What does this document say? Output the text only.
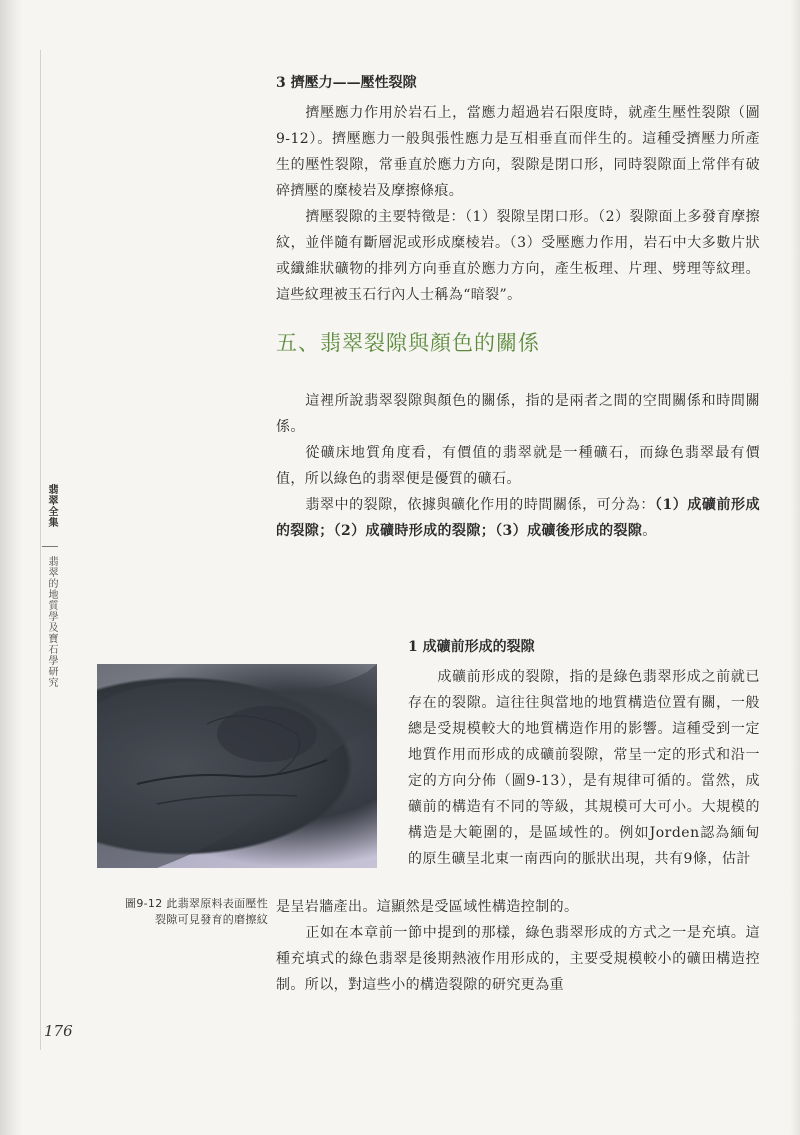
翡翠全集
翡翠的地質學及寶石學研究
3 擠壓力——壓性裂隙

擠壓應力作用於岩石上，當應力超過岩石限度時，就產生壓性裂隙（圖9-12）。擠壓應力一般與張性應力是互相垂直而伴生的。這種受擠壓力所產生的壓性裂隙，常垂直於應力方向，裂隙是閉口形，同時裂隙面上常伴有破碎擠壓的糜棱岩及摩擦條痕。

擠壓裂隙的主要特徵是：（1）裂隙呈閉口形。（2）裂隙面上多發育摩擦紋，並伴隨有斷層泥或形成糜棱岩。（3）受壓應力作用，岩石中大多數片狀或纖維狀礦物的排列方向垂直於應力方向，產生板理、片理、劈理等紋理。這些紋理被玉石行內人士稱為“暗裂”。

五、翡翠裂隙與顏色的關係

這裡所說翡翠裂隙與顏色的關係，指的是兩者之間的空間關係和時間關係。

從礦床地質角度看，有價值的翡翠就是一種礦石，而綠色翡翠最有價值，所以綠色的翡翠便是優質的礦石。

翡翠中的裂隙，依據與礦化作用的時間關係，可分為：（1）成礦前形成的裂隙；（2）成礦時形成的裂隙；（3）成礦後形成的裂隙。

圖9-12 此翡翠原料表面壓性
裂隙可見發育的磨擦紋
1 成礦前形成的裂隙

成礦前形成的裂隙，指的是綠色翡翠形成之前就已存在的裂隙。這往往與當地的地質構造位置有關，一般總是受規模較大的地質構造作用的影響。這種受到一定地質作用而形成的成礦前裂隙，常呈一定的形式和沿一定的方向分佈（圖9-13），是有規律可循的。當然，成礦前的構造有不同的等級，其規模可大可小。大規模的構造是大範圍的，是區域性的。例如Jorden認為緬甸的原生礦呈北東一南西向的脈狀出現，共有9條，估計

是呈岩牆產出。這顯然是受區域性構造控制的。

正如在本章前一節中提到的那樣，綠色翡翠形成的方式之一是充填。這種充填式的綠色翡翠是後期熱液作用形成的，主要受規模較小的礦田構造控制。所以，對這些小的構造裂隙的研究更為重

176
